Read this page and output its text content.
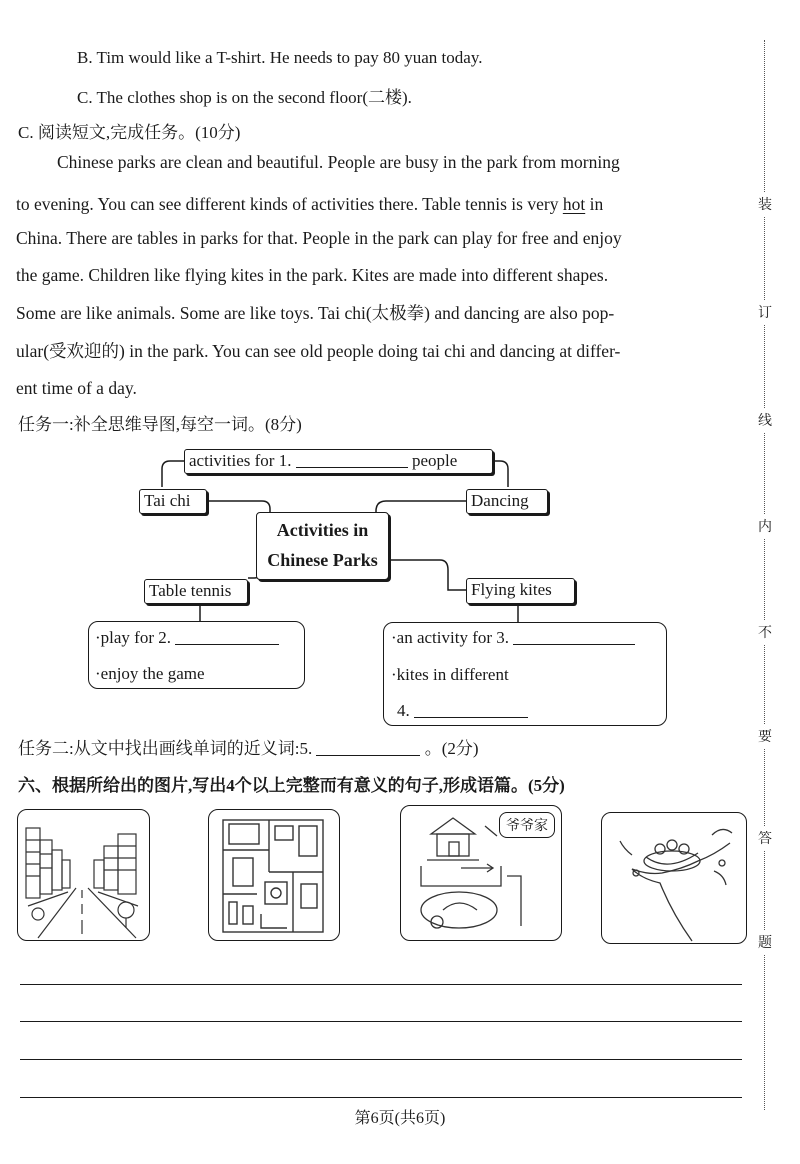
B. Tim would like a T-shirt. He needs to pay 80 yuan today.
C. The clothes shop is on the second floor(二楼).
C. 阅读短文,完成任务。(10分)
Chinese parks are clean and beautiful. People are busy in the park from morning
to evening. You can see different kinds of activities there. Table tennis is very hot in
China. There are tables in parks for that. People in the park can play for free and enjoy
the game. Children like flying kites in the park. Kites are made into different shapes.
Some are like animals. Some are like toys. Tai chi(太极拳) and dancing are also pop-
ular(受欢迎的) in the park. You can see old people doing tai chi and dancing at differ-
ent time of a day.
任务一:补全思维导图,每空一词。(8分)
activities for 1.	people
Tai chi	Dancing
Activities in
Chinese Parks
Table tennis	Flying kites
·play for 2.
·enjoy the game
·an activity for 3.
·kites in different
4.
任务二:从文中找出画线单词的近义词:5.	。(2分)
六、根据所给出的图片,写出4个以上完整而有意义的句子,形成语篇。(5分)
爷爷家
装
订
线
内
不
要
答
题
第6页(共6页)
